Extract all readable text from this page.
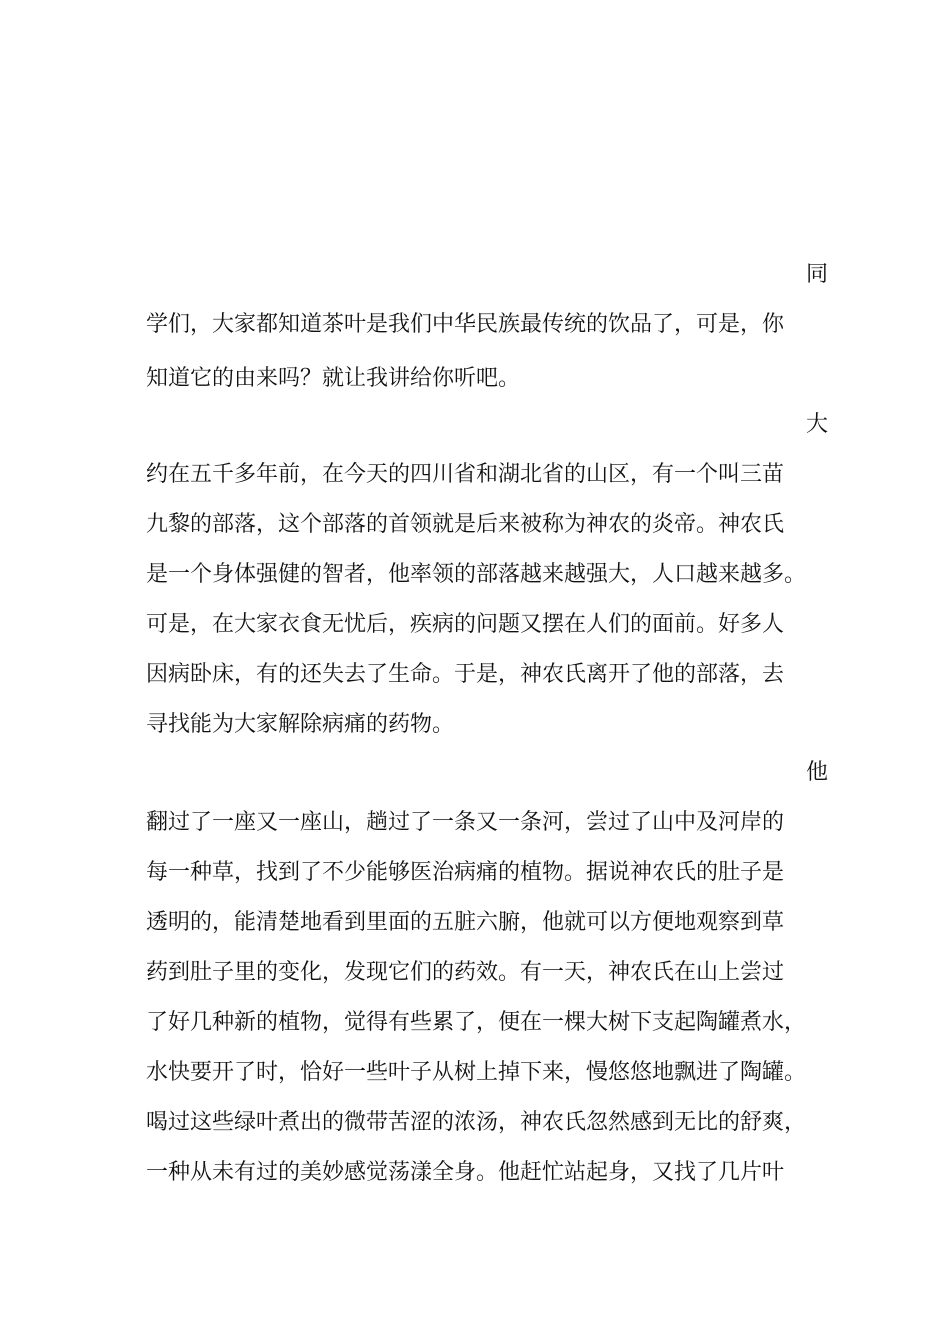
同
学们，大家都知道茶叶是我们中华民族最传统的饮品了，可是，你
知道它的由来吗？就让我讲给你听吧。
大
约在五千多年前，在今天的四川省和湖北省的山区，有一个叫三苗
九黎的部落，这个部落的首领就是后来被称为神农的炎帝。神农氏
是一个身体强健的智者，他率领的部落越来越强大，人口越来越多。
可是，在大家衣食无忧后，疾病的问题又摆在人们的面前。好多人
因病卧床，有的还失去了生命。于是，神农氏离开了他的部落，去
寻找能为大家解除病痛的药物。
他
翻过了一座又一座山，趟过了一条又一条河，尝过了山中及河岸的
每一种草，找到了不少能够医治病痛的植物。据说神农氏的肚子是
透明的，能清楚地看到里面的五脏六腑，他就可以方便地观察到草
药到肚子里的变化，发现它们的药效。有一天，神农氏在山上尝过
了好几种新的植物，觉得有些累了，便在一棵大树下支起陶罐煮水，
水快要开了时，恰好一些叶子从树上掉下来，慢悠悠地飘进了陶罐。
喝过这些绿叶煮出的微带苦涩的浓汤，神农氏忽然感到无比的舒爽，
一种从未有过的美妙感觉荡漾全身。他赶忙站起身，又找了几片叶
